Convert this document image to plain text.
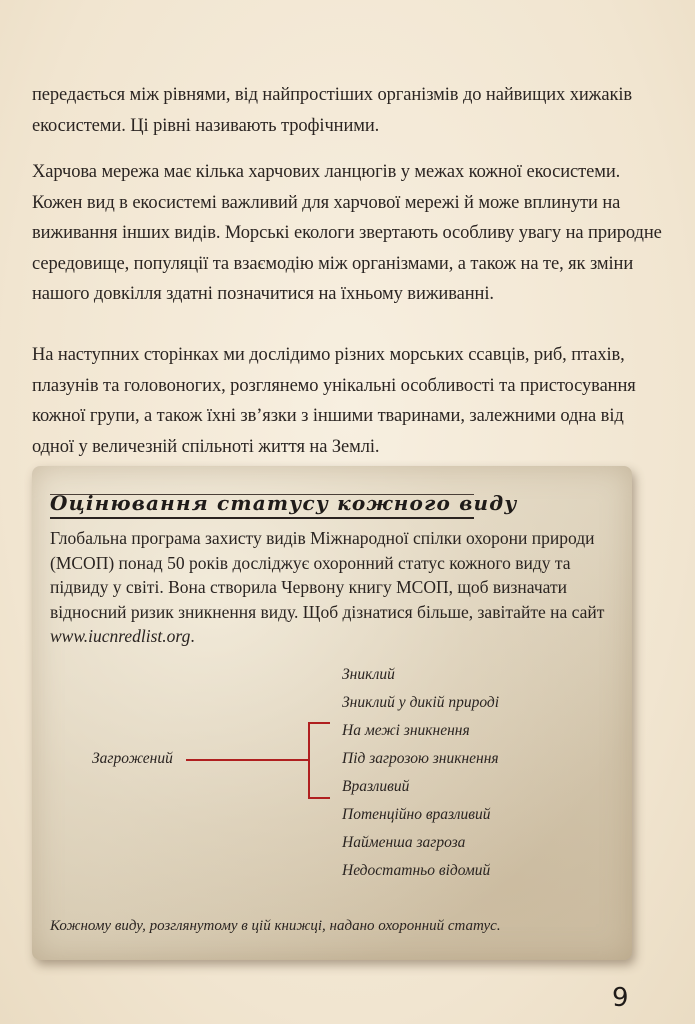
передається між рівнями, від найпростіших організмів до найвищих хижаків екосистеми. Ці рівні називають трофічними.

Харчова мережа має кілька харчових ланцюгів у межах кожної екосистеми. Кожен вид в екосистемі важливий для харчової мережі й може вплинути на виживання інших видів. Морські екологи звертають особливу увагу на природне середовище, популяції та взаємодію між організмами, а також на те, як зміни нашого довкілля здатні позначитися на їхньому виживанні.

На наступних сторінках ми дослідимо різних морських ссавців, риб, птахів, плазунів та головоногих, розглянемо унікальні особливості та пристосування кожної групи, а також їхні зв’язки з іншими тваринами, залежними одна від одної у величезній спільноті життя на Землі.

Оцінювання статусу кожного виду

Глобальна програма захисту видів Міжнародної спілки охорони природи (МСОП) понад 50 років досліджує охоронний статус кожного виду та підвиду у світі. Вона створила Червону книгу МСОП, щоб визначати відносний ризик зникнення виду. Щоб дізнатися більше, завітайте на сайт www.iucnredlist.org.

Загрожений
Зниклий
Зниклий у дикій природі
На межі зникнення
Під загрозою зникнення
Вразливий
Потенційно вразливий
Найменша загроза
Недостатньо відомий

Кожному виду, розглянутому в цій книжці, надано охоронний статус.

9
